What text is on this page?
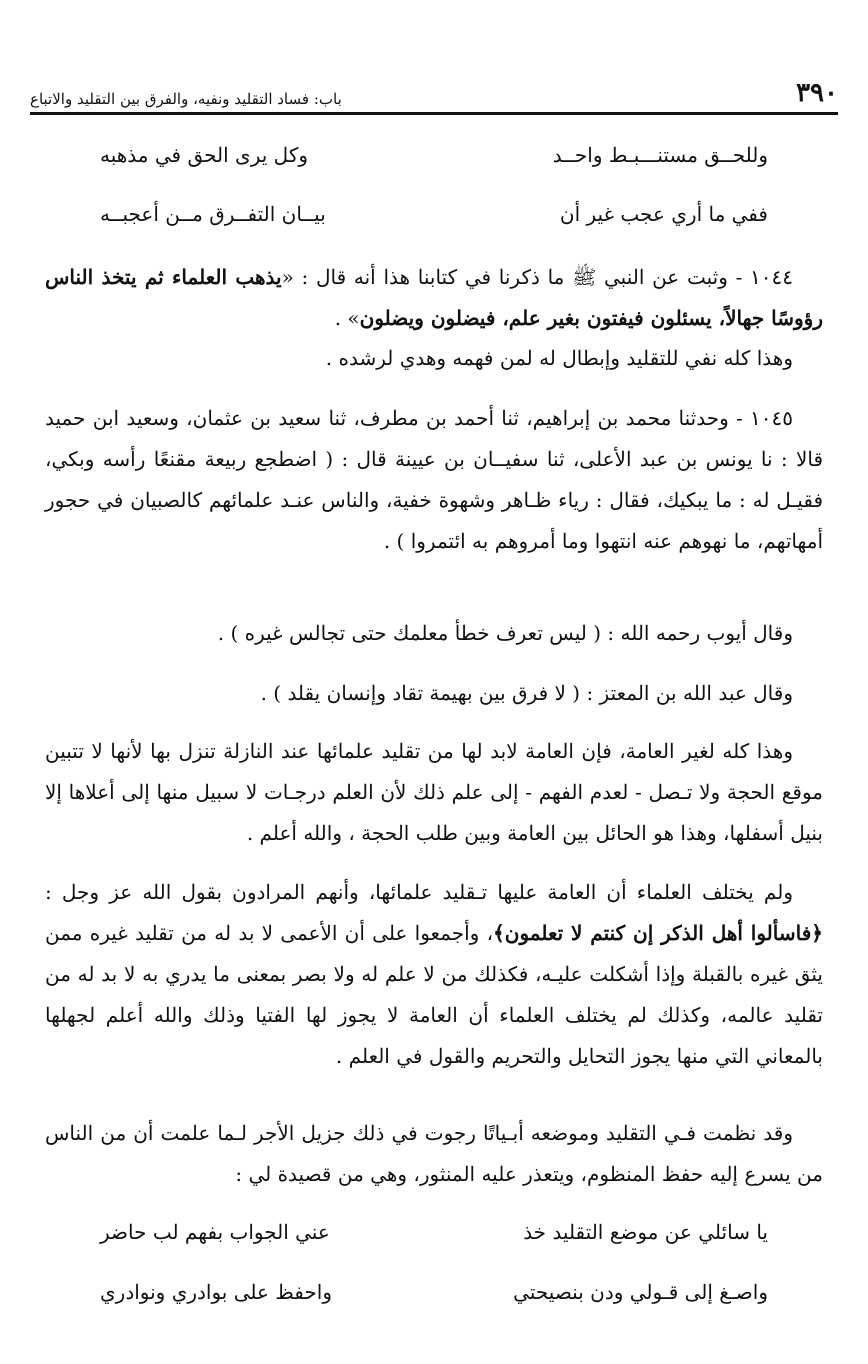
٣٩٠
باب: فساد التقليد ونفيه، والفرق بين التقليد والاتباع
وللحــق مستنـــبـط واحــد
وكل يرى الحق في مذهبه
ففي ما أري عجب غير أن
بيــان التفــرق مــن أعجبــه
١٠٤٤ - وثبت عن النبي ﷺ ما ذكرنا في كتابنا هذا أنه قال : «يذهب العلماء ثم يتخذ الناس رؤوسًا جهالاً، يسئلون فيفتون بغير علم، فيضلون ويضلون» .
وهذا كله نفي للتقليد وإبطال له لمن فهمه وهدي لرشده .
١٠٤٥ - وحدثنا محمد بن إبراهيم، ثنا أحمد بن مطرف، ثنا سعيد بن عثمان، وسعيد ابن حميد قالا : نا يونس بن عبد الأعلى، ثنا سفيــان بن عيينة قال : ( اضطجع ربيعة مقنعًا رأسه وبكي، فقيـل له : ما يبكيك، فقال : رياء ظـاهر وشهوة خفية، والناس عنـد علمائهم كالصبيان في حجور أمهاتهم، ما نهوهم عنه انتهوا وما أمروهم به ائتمروا ) .
وقال أيوب رحمه الله : ( ليس تعرف خطأ معلمك حتى تجالس غيره ) .
وقال عبد الله بن المعتز : ( لا فرق بين بهيمة تقاد وإنسان يقلد ) .
وهذا كله لغير العامة، فإن العامة لابد لها من تقليد علمائها عند النازلة تنزل بها لأنها لا تتبين موقع الحجة ولا تـصل - لعدم الفهم - إلى علم ذلك لأن العلم درجـات لا سبيل منها إلى أعلاها إلا بنيل أسفلها، وهذا هو الحائل بين العامة وبين طلب الحجة ، والله أعلم .
ولم يختلف العلماء أن العامة عليها تـقليد علمائها، وأنهم المرادون بقول الله عز وجل : ﴿فاسألوا أهل الذكر إن كنتم لا تعلمون﴾، وأجمعوا على أن الأعمى لا بد له من تقليد غيره ممن يثق غيره بالقبلة وإذا أشكلت عليـه، فكذلك من لا علم له ولا بصر بمعنى ما يدري به لا بد له من تقليد عالمه، وكذلك لم يختلف العلماء أن العامة لا يجوز لها الفتيا وذلك والله أعلم لجهلها بالمعاني التي منها يجوز التحايل والتحريم والقول في العلم .
وقد نظمت فـي التقليد وموضعه أبـياتًا رجوت في ذلك جزيل الأجر لـما علمت أن من الناس من يسرع إليه حفظ المنظوم، ويتعذر عليه المنثور، وهي من قصيدة لي :
يا سائلي عن موضع التقليد خذ
عني الجواب بفهم لب حاضر
واصـغ إلى قـولي ودن بنصيحتي
واحفظ على بوادري ونوادري
